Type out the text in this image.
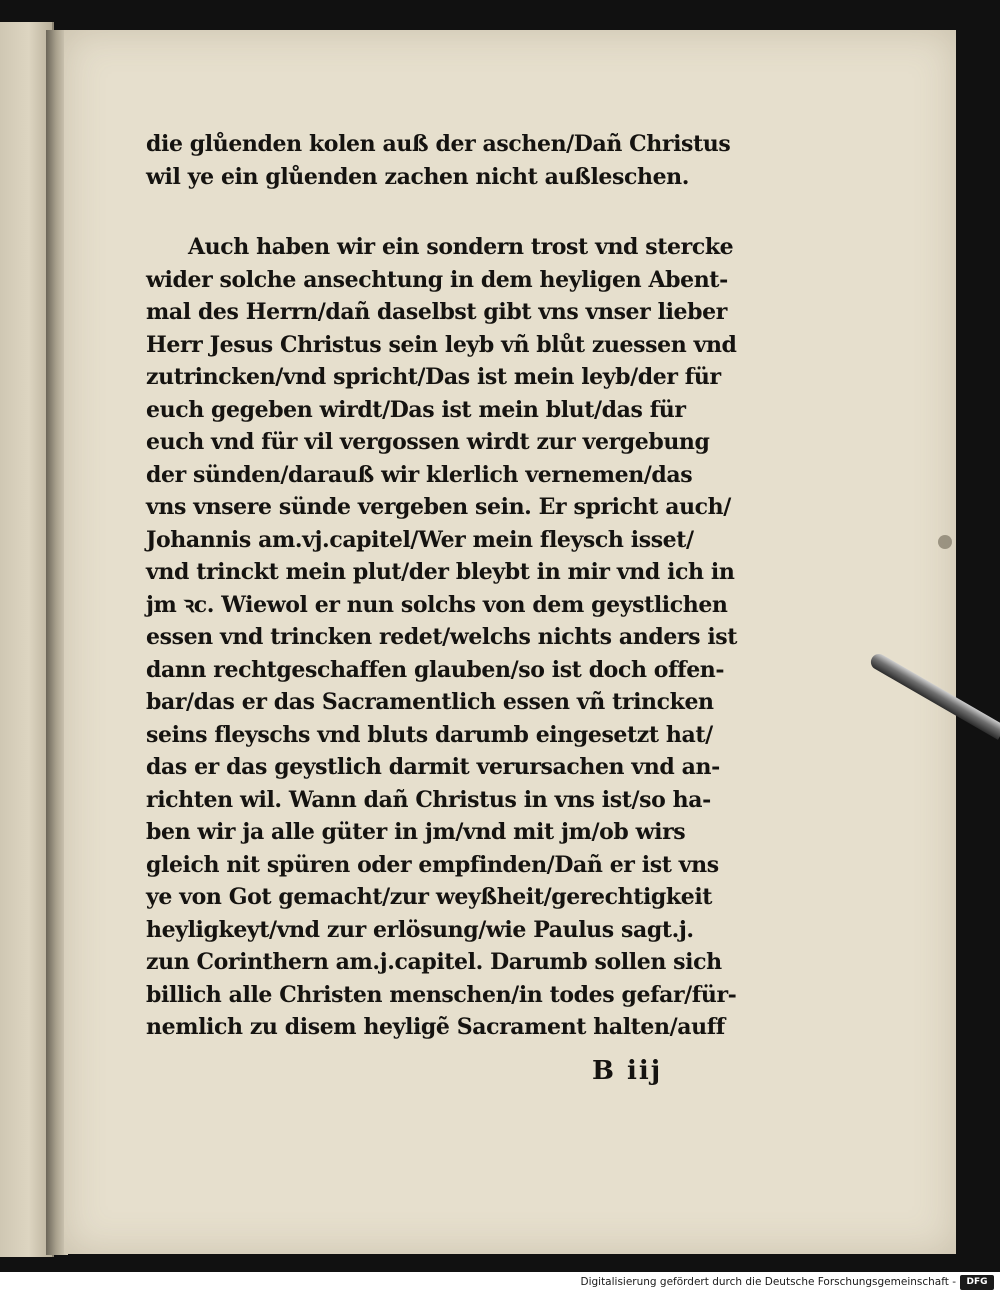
die glůenden kolen auß der aschen/Dañ Christus
wil ye ein glůenden zachen nicht außleschen.
Auch haben wir ein sondern trost vnd stercke
wider solche ansechtung in dem heyligen Abent-
mal des Herrn/dañ daselbst gibt vns vnser lieber
Herr Jesus Christus sein leyb vñ blůt zuessen vnd
zutrincken/vnd spricht/Das ist mein leyb/der für
euch gegeben wirdt/Das ist mein blut/das für
euch vnd für vil vergossen wirdt zur vergebung
der sünden/darauß wir klerlich vernemen/das
vns vnsere sünde vergeben sein. Er spricht auch/
Johannis am.vj.capitel/Wer mein fleysch isset/
vnd trinckt mein plut/der bleybt in mir vnd ich in
jm ꝛc. Wiewol er nun solchs von dem geystlichen
essen vnd trincken redet/welchs nichts anders ist
dann rechtgeschaffen glauben/so ist doch offen-
bar/das er das Sacramentlich essen vñ trincken
seins fleyschs vnd bluts darumb eingesetzt hat/
das er das geystlich darmit verursachen vnd an-
richten wil. Wann dañ Christus in vns ist/so ha-
ben wir ja alle güter in jm/vnd mit jm/ob wirs
gleich nit spüren oder empfinden/Dañ er ist vns
ye von Got gemacht/zur weyßheit/gerechtigkeit
heyligkeyt/vnd zur erlösung/wie Paulus sagt.j.
zun Corinthern am.j.capitel. Darumb sollen sich
billich alle Christen menschen/in todes gefar/für-
nemlich zu disem heyligẽ Sacrament halten/auff
B iij
Digitalisierung gefördert durch die Deutsche Forschungsgemeinschaft -	DFG
